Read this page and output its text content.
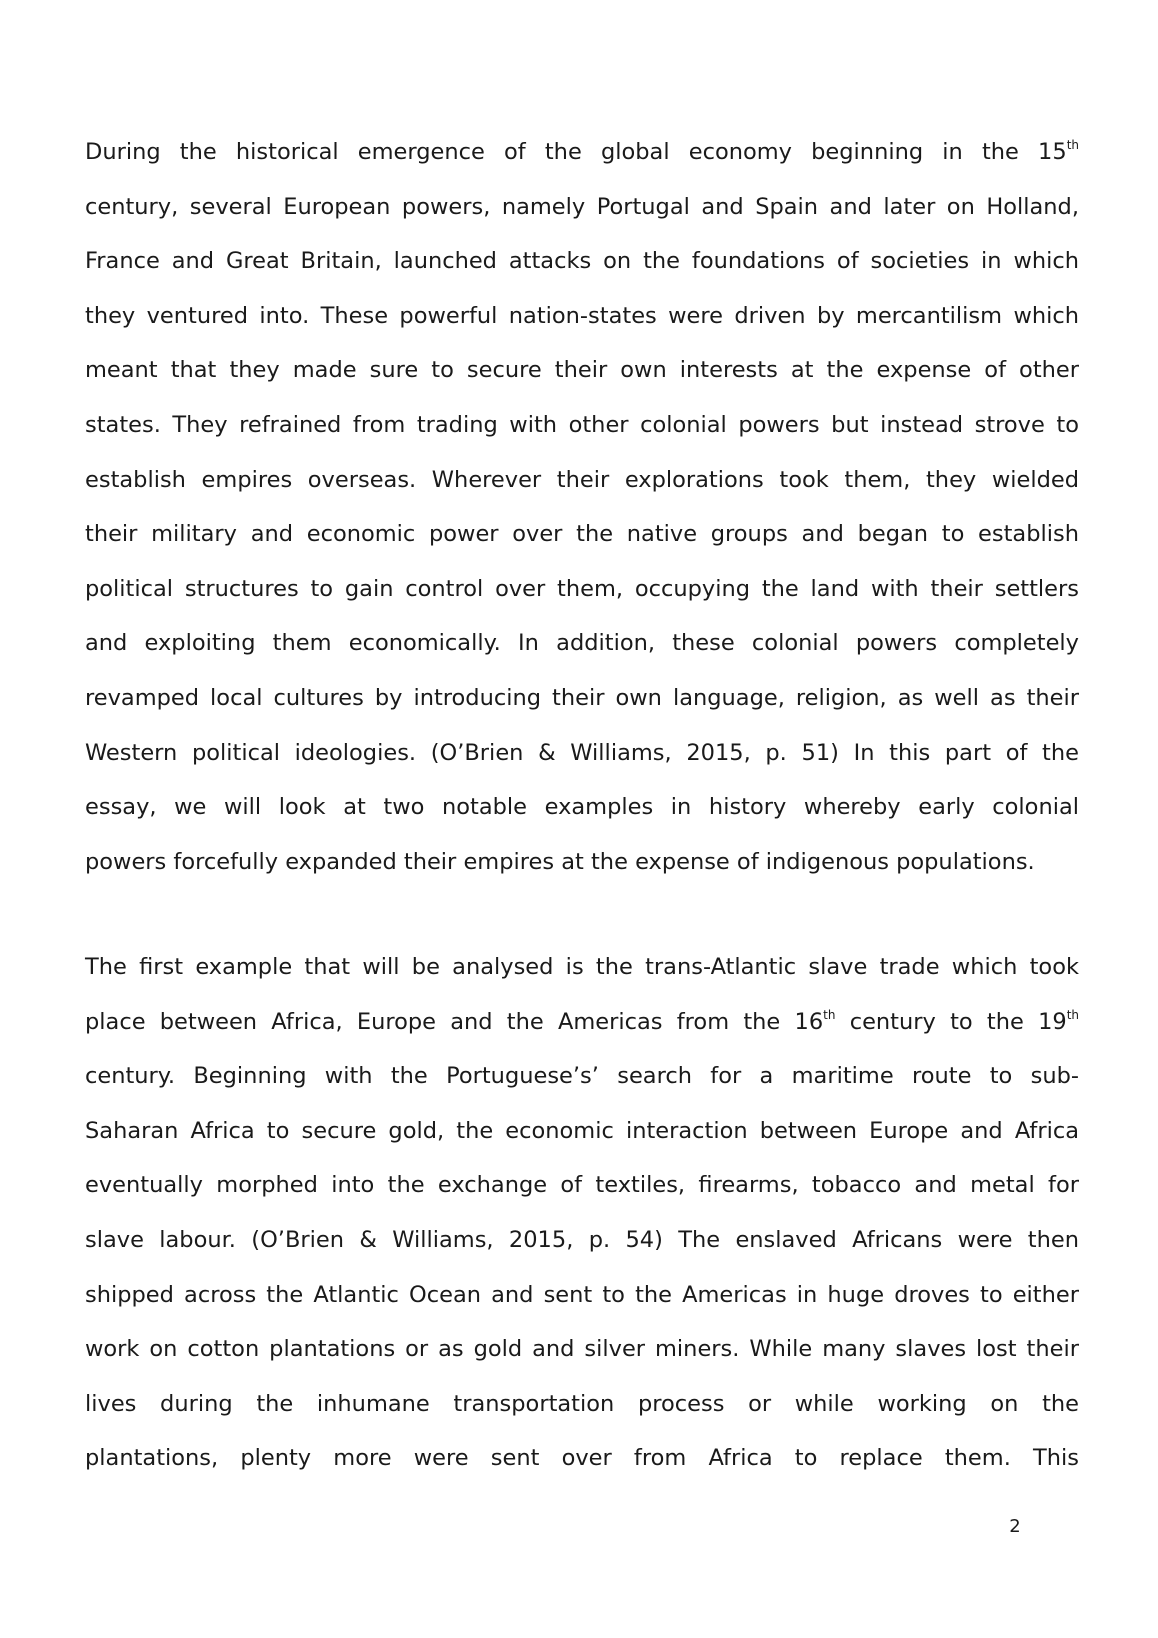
During the historical emergence of the global economy beginning in the 15th
century, several European powers, namely Portugal and Spain and later on Holland,
France and Great Britain, launched attacks on the foundations of societies in which
they ventured into. These powerful nation-states were driven by mercantilism which
meant that they made sure to secure their own interests at the expense of other
states. They refrained from trading with other colonial powers but instead strove to
establish empires overseas. Wherever their explorations took them, they wielded
their military and economic power over the native groups and began to establish
political structures to gain control over them, occupying the land with their settlers
and exploiting them economically. In addition, these colonial powers completely
revamped local cultures by introducing their own language, religion, as well as their
Western political ideologies. (O’Brien & Williams, 2015, p. 51) In this part of the
essay, we will look at two notable examples in history whereby early colonial
powers forcefully expanded their empires at the expense of indigenous populations.
The first example that will be analysed is the trans-Atlantic slave trade which took
place between Africa, Europe and the Americas from the 16th century to the 19th
century. Beginning with the Portuguese’s’ search for a maritime route to sub-
Saharan Africa to secure gold, the economic interaction between Europe and Africa
eventually morphed into the exchange of textiles, firearms, tobacco and metal for
slave labour. (O’Brien & Williams, 2015, p. 54) The enslaved Africans were then
shipped across the Atlantic Ocean and sent to the Americas in huge droves to either
work on cotton plantations or as gold and silver miners. While many slaves lost their
lives during the inhumane transportation process or while working on the
plantations, plenty more were sent over from Africa to replace them. This
2
